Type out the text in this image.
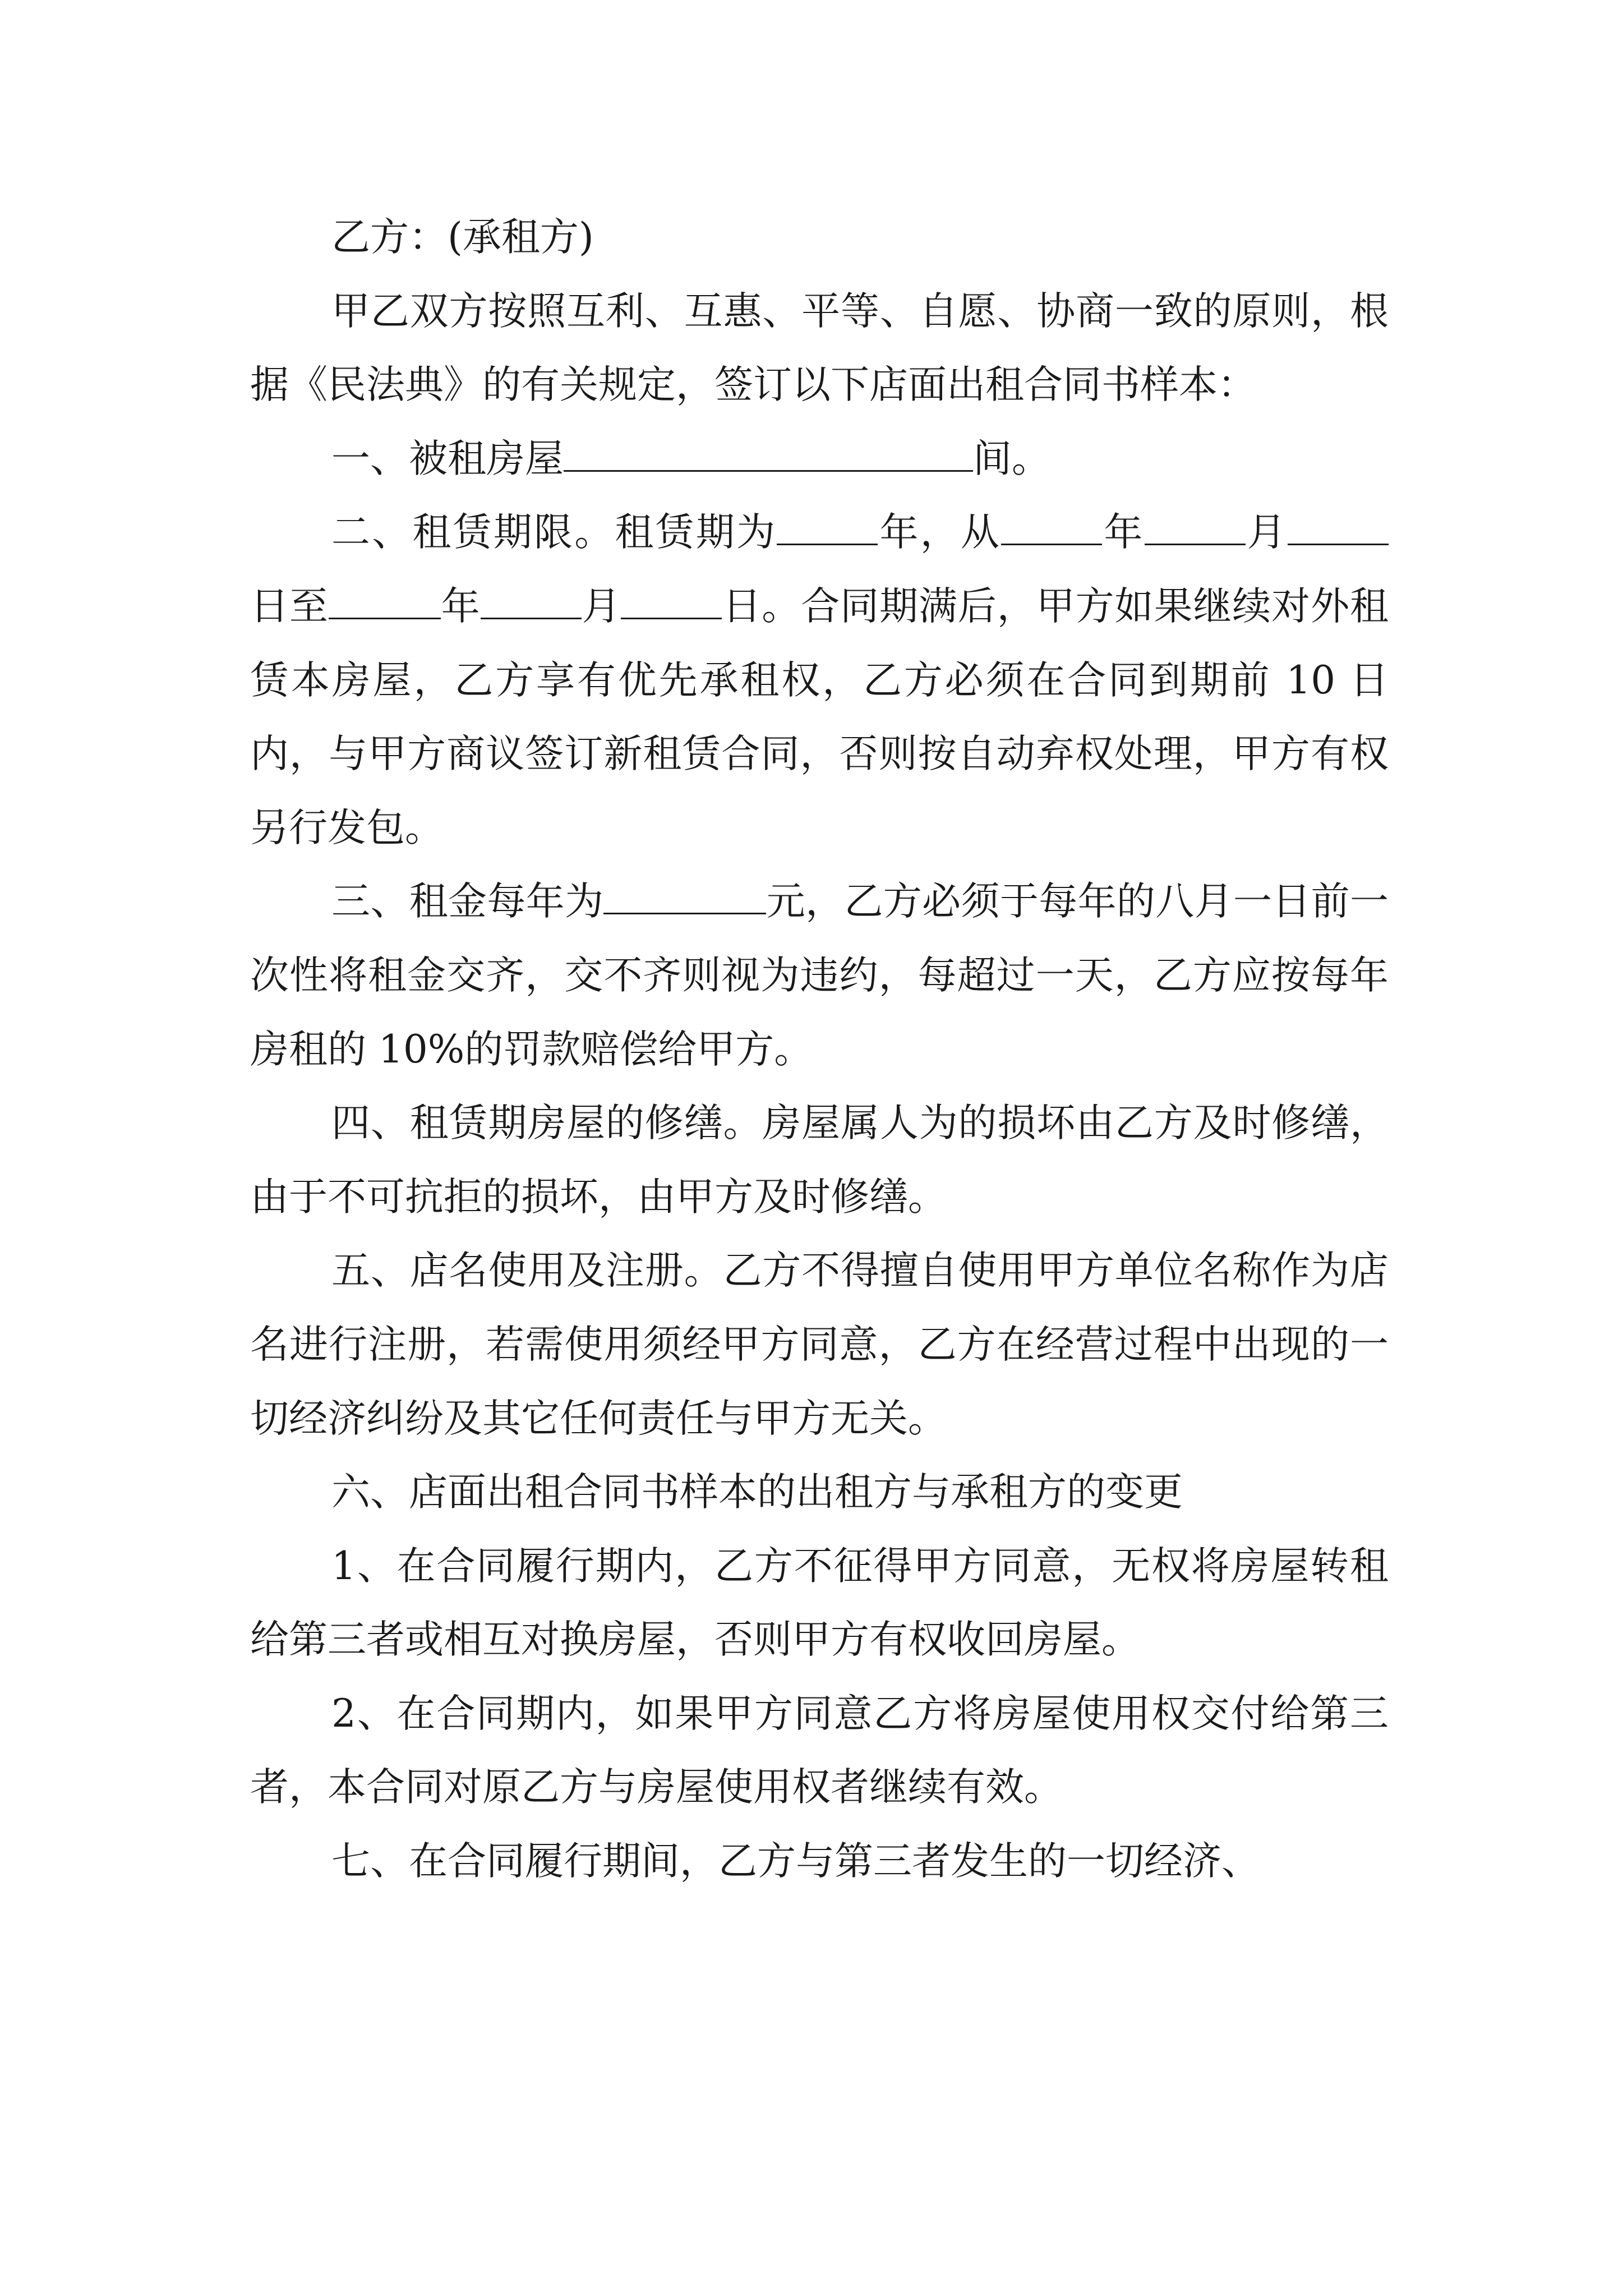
乙方：(承租方)

甲乙双方按照互利、互惠、平等、自愿、协商一致的原则，根据《民法典》的有关规定，签订以下店面出租合同书样本：

一、被租房屋	间。

二、租赁期限。租赁期为	年，从	年	月日至	年	月	日。合同期满后，甲方如果继续对外租赁本房屋，乙方享有优先承租权，乙方必须在合同到期前 10 日内，与甲方商议签订新租赁合同，否则按自动弃权处理，甲方有权另行发包。

三、租金每年为	元，乙方必须于每年的八月一日前一次性将租金交齐，交不齐则视为违约，每超过一天，乙方应按每年房租的 10%的罚款赔偿给甲方。

四、租赁期房屋的修缮。房屋属人为的损坏由乙方及时修缮，由于不可抗拒的损坏，由甲方及时修缮。

五、店名使用及注册。乙方不得擅自使用甲方单位名称作为店名进行注册，若需使用须经甲方同意，乙方在经营过程中出现的一切经济纠纷及其它任何责任与甲方无关。

六、店面出租合同书样本的出租方与承租方的变更

1、在合同履行期内，乙方不征得甲方同意，无权将房屋转租给第三者或相互对换房屋，否则甲方有权收回房屋。

2、在合同期内，如果甲方同意乙方将房屋使用权交付给第三者，本合同对原乙方与房屋使用权者继续有效。

七、在合同履行期间，乙方与第三者发生的一切经济、
